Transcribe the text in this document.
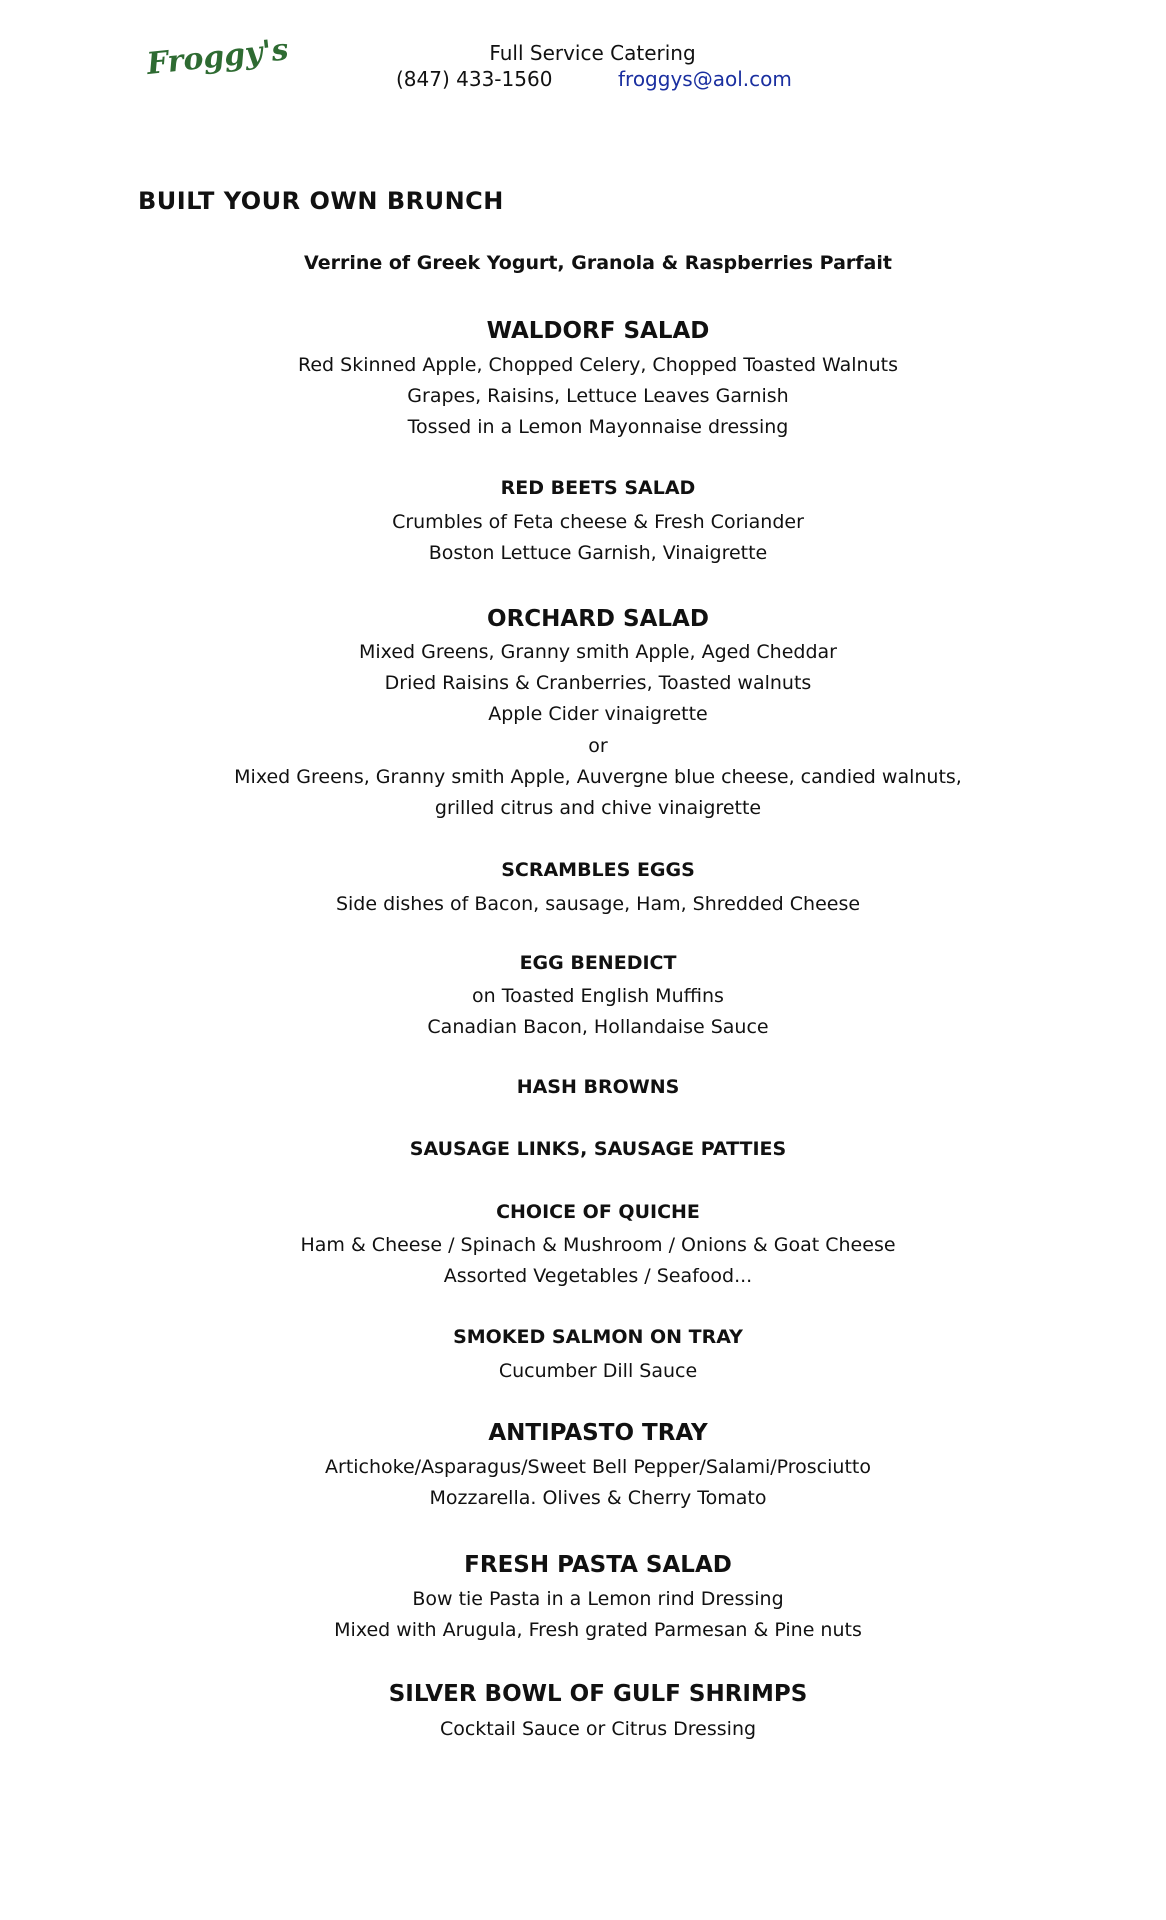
Froggy's	Full Service Catering
(847) 433-1560	froggys@aol.com
BUILT YOUR OWN BRUNCH
Verrine of Greek Yogurt, Granola & Raspberries Parfait
WALDORF SALAD
Red Skinned Apple, Chopped Celery, Chopped Toasted Walnuts
Grapes, Raisins, Lettuce Leaves Garnish
Tossed in a Lemon Mayonnaise dressing
RED BEETS SALAD
Crumbles of Feta cheese & Fresh Coriander
Boston Lettuce Garnish, Vinaigrette
ORCHARD SALAD
Mixed Greens, Granny smith Apple, Aged Cheddar
Dried Raisins & Cranberries, Toasted walnuts
Apple Cider vinaigrette
or
Mixed Greens, Granny smith Apple, Auvergne blue cheese, candied walnuts,
grilled citrus and chive vinaigrette
SCRAMBLES EGGS
Side dishes of Bacon, sausage, Ham, Shredded Cheese
EGG BENEDICT
on Toasted English Muffins
Canadian Bacon, Hollandaise Sauce
HASH BROWNS
SAUSAGE LINKS, SAUSAGE PATTIES
CHOICE OF QUICHE
Ham & Cheese / Spinach & Mushroom / Onions & Goat Cheese
Assorted Vegetables / Seafood...
SMOKED SALMON ON TRAY
Cucumber Dill Sauce
ANTIPASTO TRAY
Artichoke/Asparagus/Sweet Bell Pepper/Salami/Prosciutto
Mozzarella. Olives & Cherry Tomato
FRESH PASTA SALAD
Bow tie Pasta in a Lemon rind Dressing
Mixed with Arugula, Fresh grated Parmesan & Pine nuts
SILVER BOWL OF GULF SHRIMPS
Cocktail Sauce or Citrus Dressing
